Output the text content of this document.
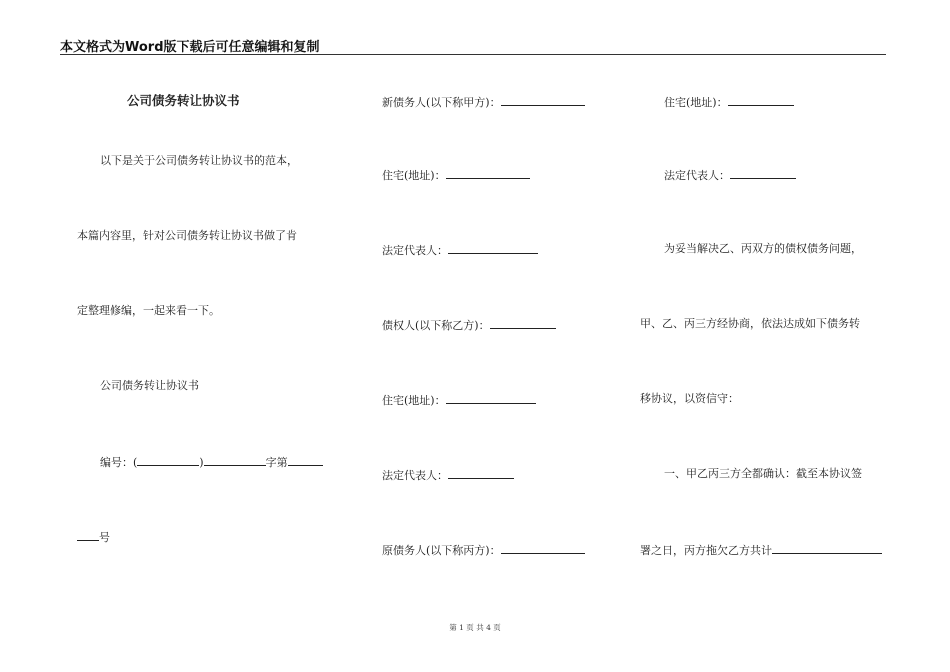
本文格式为Word版下载后可任意编辑和复制
公司债务转让协议书
以下是关于公司债务转让协议书的范本，
本篇内容里，针对公司债务转让协议书做了肯
定整理修编，一起来看一下。
公司债务转让协议书
编号：(	)	字第
号
新债务人(以下称甲方)：
住宅(地址)：
法定代表人：
债权人(以下称乙方)：
住宅(地址)：
法定代表人：
原债务人(以下称丙方)：
住宅(地址)：
法定代表人：
为妥当解决乙、丙双方的债权债务问题，
甲、乙、丙三方经协商，依法达成如下债务转
移协议，以资信守：
一、甲乙丙三方全都确认：截至本协议签
署之日，丙方拖欠乙方共计
第 1 页 共 4 页
